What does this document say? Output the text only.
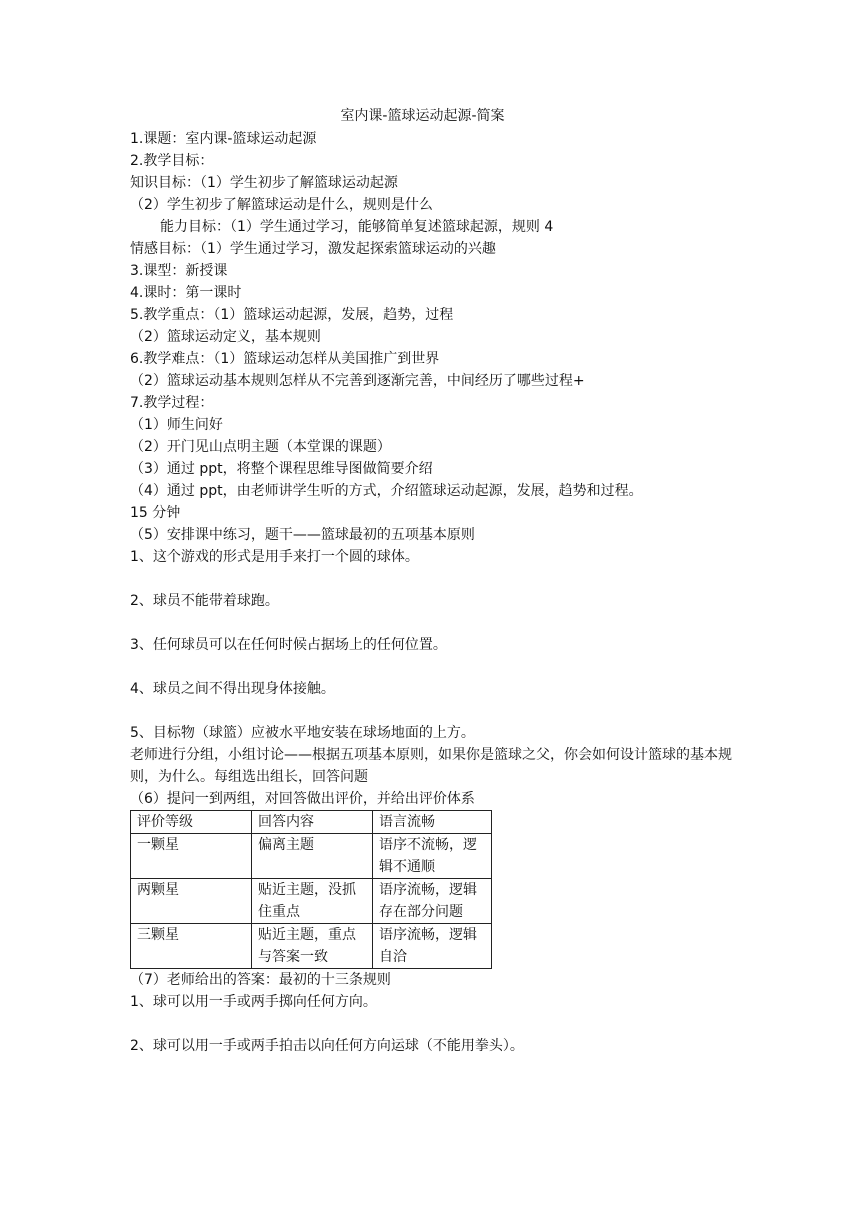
室内课-篮球运动起源-简案
1.课题：室内课-篮球运动起源
2.教学目标：
知识目标：（1）学生初步了解篮球运动起源
（2）学生初步了解篮球运动是什么，规则是什么
能力目标：（1）学生通过学习，能够简单复述篮球起源，规则 4
情感目标：（1）学生通过学习，激发起探索篮球运动的兴趣
3.课型：新授课
4.课时：第一课时
5.教学重点：（1）篮球运动起源，发展，趋势，过程
（2）篮球运动定义，基本规则
6.教学难点：（1）篮球运动怎样从美国推广到世界
（2）篮球运动基本规则怎样从不完善到逐渐完善，中间经历了哪些过程+
7.教学过程：
（1）师生问好
（2）开门见山点明主题（本堂课的课题）
（3）通过 ppt，将整个课程思维导图做简要介绍
（4）通过 ppt，由老师讲学生听的方式，介绍篮球运动起源，发展，趋势和过程。
15 分钟
（5）安排课中练习，题干——篮球最初的五项基本原则
1、这个游戏的形式是用手来打一个圆的球体。
2、球员不能带着球跑。
3、任何球员可以在任何时候占据场上的任何位置。
4、球员之间不得出现身体接触。
5、目标物（球篮）应被水平地安装在球场地面的上方。
老师进行分组，小组讨论——根据五项基本原则，如果你是篮球之父，你会如何设计篮球的基本规则，为什么。每组选出组长，回答问题
（6）提问一到两组，对回答做出评价，并给出评价体系
评价等级	回答内容	语言流畅
一颗星	偏离主题	语序不流畅，逻辑不通顺
两颗星	贴近主题，没抓住重点	语序流畅，逻辑存在部分问题
三颗星	贴近主题，重点与答案一致	语序流畅，逻辑自洽
（7）老师给出的答案：最初的十三条规则
1、球可以用一手或两手掷向任何方向。
2、球可以用一手或两手拍击以向任何方向运球（不能用拳头）。
